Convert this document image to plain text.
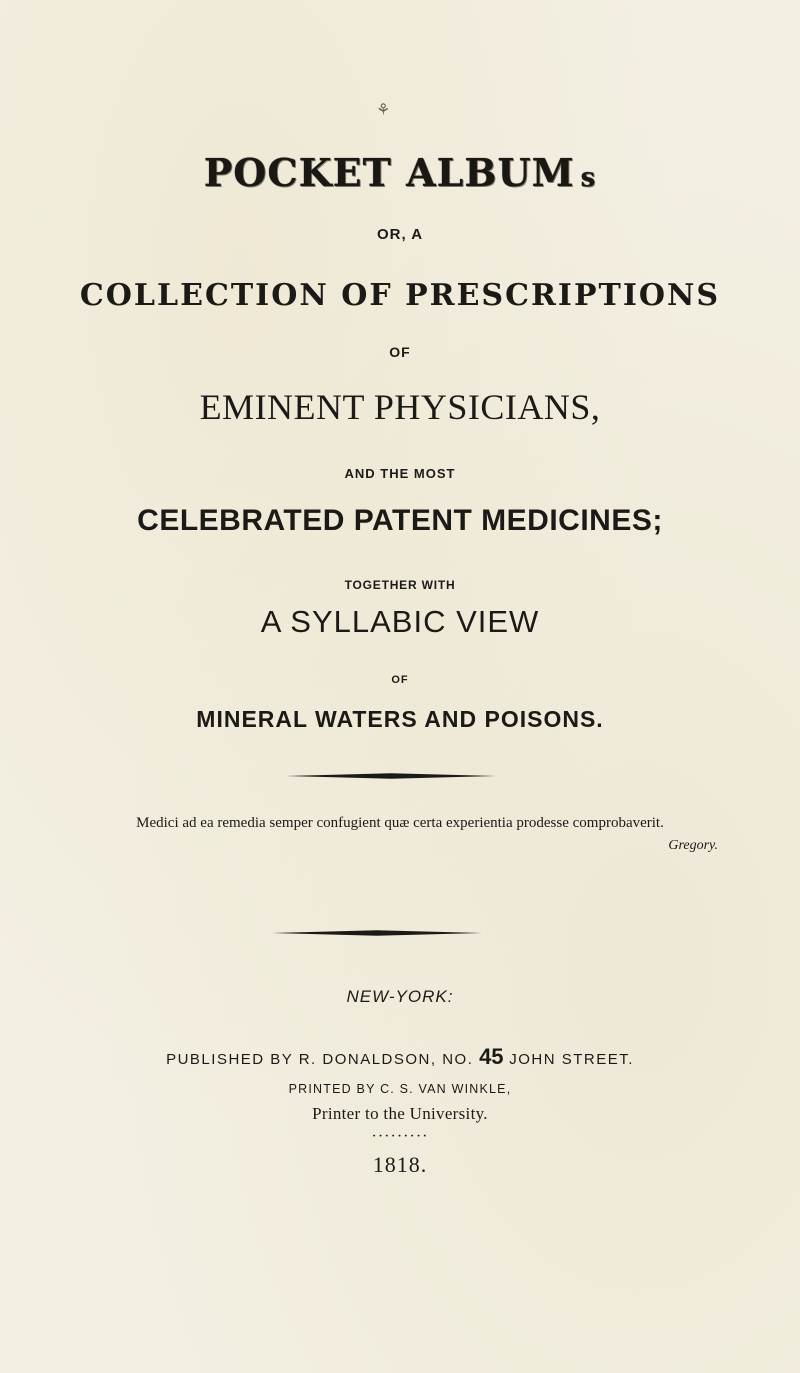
⚘
POCKET ALBUM s
OR, A
COLLECTION OF PRESCRIPTIONS
OF
EMINENT PHYSICIANS,
AND THE MOST
CELEBRATED PATENT MEDICINES;
TOGETHER WITH
A SYLLABIC VIEW
OF
MINERAL WATERS AND POISONS.
Medici ad ea remedia semper confugient quæ certa experientia prodesse comprobaverit.
Gregory.
NEW-YORK:
PUBLISHED BY R. DONALDSON, NO. 45 JOHN STREET.
PRINTED BY C. S. VAN WINKLE,
Printer to the University.
·········
1818.
